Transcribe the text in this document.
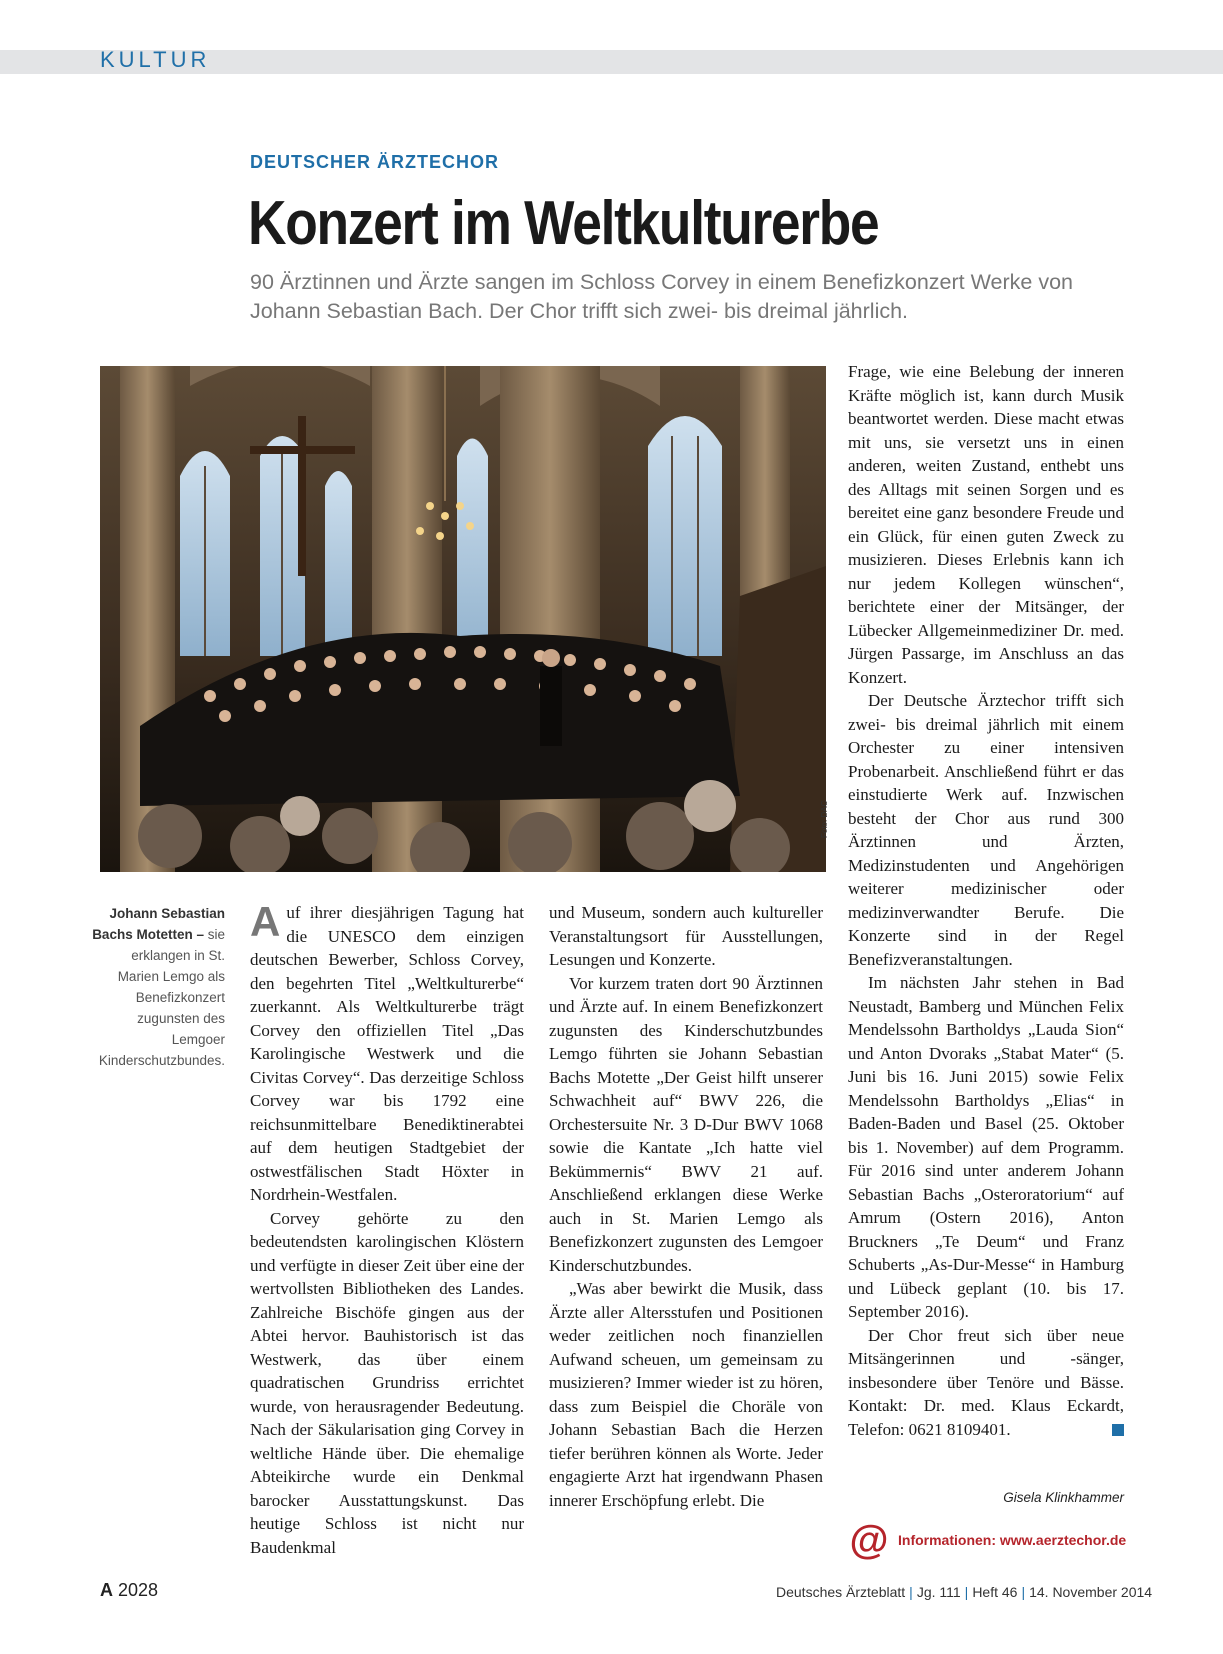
KULTUR
DEUTSCHER ÄRZTECHOR
Konzert im Weltkulturerbe

90 Ärztinnen und Ärzte sangen im Schloss Corvey in einem Benefizkonzert Werke von Johann Sebastian Bach. Der Chor trifft sich zwei- bis dreimal jährlich.

Foto: DAC
Johann Sebastian Bachs Motetten – sie erklangen in St. Marien Lemgo als Benefizkonzert zugunsten des Lemgoer Kinderschutzbundes.

Auf ihrer diesjährigen Tagung hat die UNESCO dem einzigen deutschen Bewerber, Schloss Corvey, den begehrten Titel „Weltkulturerbe“ zuerkannt. Als Weltkulturerbe trägt Corvey den offiziellen Titel „Das Karolingische Westwerk und die Civitas Corvey“. Das derzeitige Schloss Corvey war bis 1792 eine reichsunmittelbare Benediktinerabtei auf dem heutigen Stadtgebiet der ostwestfälischen Stadt Höxter in Nordrhein-Westfalen.

Corvey gehörte zu den bedeutendsten karolingischen Klöstern und verfügte in dieser Zeit über eine der wertvollsten Bibliotheken des Landes. Zahlreiche Bischöfe gingen aus der Abtei hervor. Bauhistorisch ist das Westwerk, das über einem quadratischen Grundriss errichtet wurde, von herausragender Bedeutung. Nach der Säkularisation ging Corvey in weltliche Hände über. Die ehemalige Abteikirche wurde ein Denkmal barocker Ausstattungskunst. Das heutige Schloss ist nicht nur Baudenkmal

und Museum, sondern auch kultureller Veranstaltungsort für Ausstellungen, Lesungen und Konzerte.

Vor kurzem traten dort 90 Ärztinnen und Ärzte auf. In einem Benefizkonzert zugunsten des Kinderschutzbundes Lemgo führten sie Johann Sebastian Bachs Motette „Der Geist hilft unserer Schwachheit auf“ BWV 226, die Orchestersuite Nr. 3 D-Dur BWV 1068 sowie die Kantate „Ich hatte viel Bekümmernis“ BWV 21 auf. Anschließend erklangen diese Werke auch in St. Marien Lemgo als Benefizkonzert zugunsten des Lemgoer Kinderschutzbundes.

„Was aber bewirkt die Musik, dass Ärzte aller Altersstufen und Positionen weder zeitlichen noch finanziellen Aufwand scheuen, um gemeinsam zu musizieren? Immer wieder ist zu hören, dass zum Beispiel die Choräle von Johann Sebastian Bach die Herzen tiefer berühren können als Worte. Jeder engagierte Arzt hat irgendwann Phasen innerer Erschöpfung erlebt. Die

Frage, wie eine Belebung der inneren Kräfte möglich ist, kann durch Musik beantwortet werden. Diese macht etwas mit uns, sie versetzt uns in einen anderen, weiten Zustand, enthebt uns des Alltags mit seinen Sorgen und es bereitet eine ganz besondere Freude und ein Glück, für einen guten Zweck zu musizieren. Dieses Erlebnis kann ich nur jedem Kollegen wünschen“, berichtete einer der Mitsänger, der Lübecker Allgemeinmediziner Dr. med. Jürgen Passarge, im Anschluss an das Konzert.

Der Deutsche Ärztechor trifft sich zwei- bis dreimal jährlich mit einem Orchester zu einer intensiven Probenarbeit. Anschließend führt er das einstudierte Werk auf. Inzwischen besteht der Chor aus rund 300 Ärztinnen und Ärzten, Medizinstudenten und Angehörigen weiterer medizinischer oder medizinverwandter Berufe. Die Konzerte sind in der Regel Benefizveranstaltungen.

Im nächsten Jahr stehen in Bad Neustadt, Bamberg und München Felix Mendelssohn Bartholdys „Lauda Sion“ und Anton Dvoraks „Stabat Mater“ (5. Juni bis 16. Juni 2015) sowie Felix Mendelssohn Bartholdys „Elias“ in Baden-Baden und Basel (25. Oktober bis 1. November) auf dem Programm. Für 2016 sind unter anderem Johann Sebastian Bachs „Osteroratorium“ auf Amrum (Ostern 2016), Anton Bruckners „Te Deum“ und Franz Schuberts „As-Dur-Messe“ in Hamburg und Lübeck geplant (10. bis 17. September 2016).

Der Chor freut sich über neue Mitsängerinnen und -sänger, insbesondere über Tenöre und Bässe. Kontakt: Dr. med. Klaus Eckardt, Telefon: 0621 8109401.

Gisela Klinkhammer
@ Informationen: www.aerztechor.de
A 2028	Deutsches Ärzteblatt | Jg. 111 | Heft 46 | 14. November 2014
